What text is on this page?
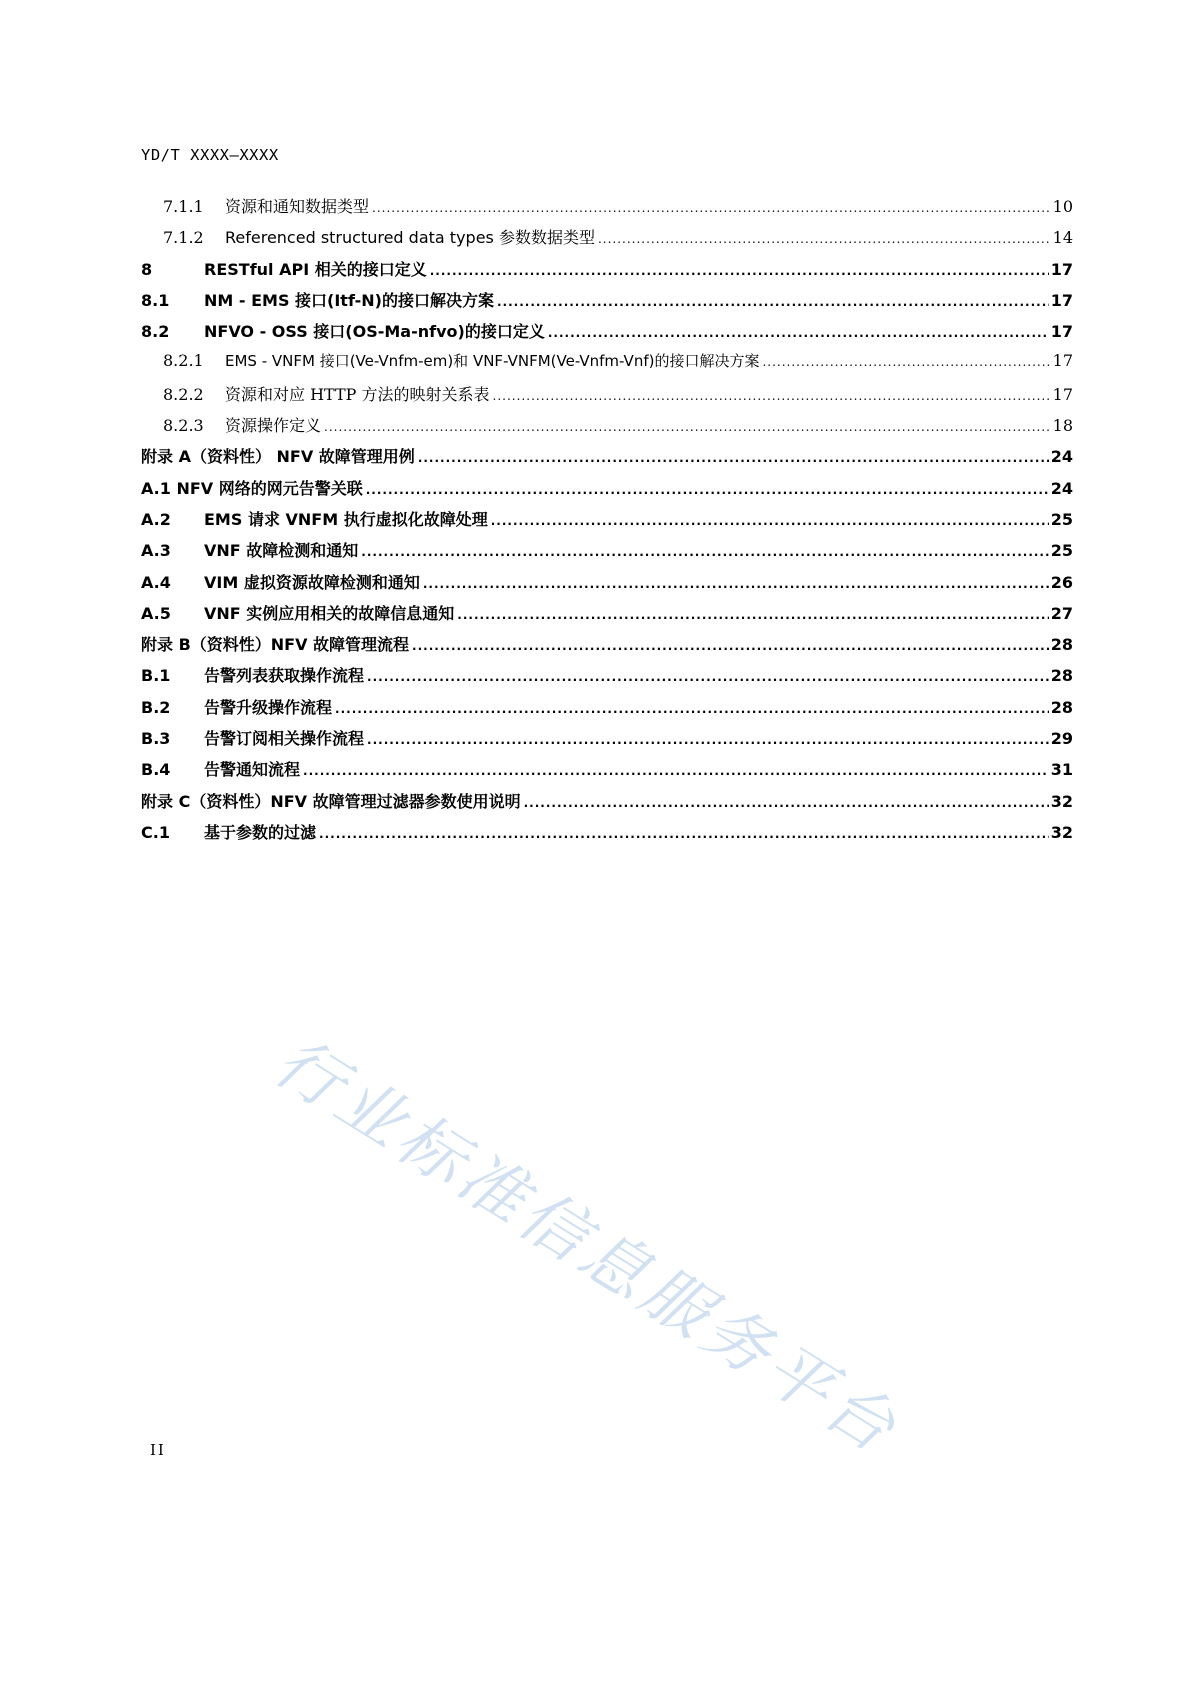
YD/T XXXX—XXXX
7.1.1	资源和通知数据类型 .....	10
7.1.2	Referenced structured data types 参数数据类型 .....	14
8	RESTful API 相关的接口定义 .....	17
8.1	NM - EMS 接口(Itf-N)的接口解决方案 .....	17
8.2	NFVO - OSS 接口(OS-Ma-nfvo)的接口定义 .....	17
8.2.1	EMS - VNFM 接口(Ve-Vnfm-em)和 VNF-VNFM(Ve-Vnfm-Vnf)的接口解决方案 .....	17
8.2.2	资源和对应 HTTP 方法的映射关系表 .....	17
8.2.3	资源操作定义 .....	18
附录 A（资料性） NFV 故障管理用例 .....	24
A.1 NFV 网络的网元告警关联 .....	24
A.2	EMS 请求 VNFM 执行虚拟化故障处理 .....	25
A.3	VNF 故障检测和通知 .....	25
A.4	VIM 虚拟资源故障检测和通知 .....	26
A.5	VNF 实例应用相关的故障信息通知 .....	27
附录 B（资料性）NFV 故障管理流程 .....	28
B.1	告警列表获取操作流程 .....	28
B.2	告警升级操作流程 .....	28
B.3	告警订阅相关操作流程 .....	29
B.4	告警通知流程 .....	31
附录 C（资料性）NFV 故障管理过滤器参数使用说明 .....	32
C.1	基于参数的过滤 .....	32
行业标准信息服务平台
II
